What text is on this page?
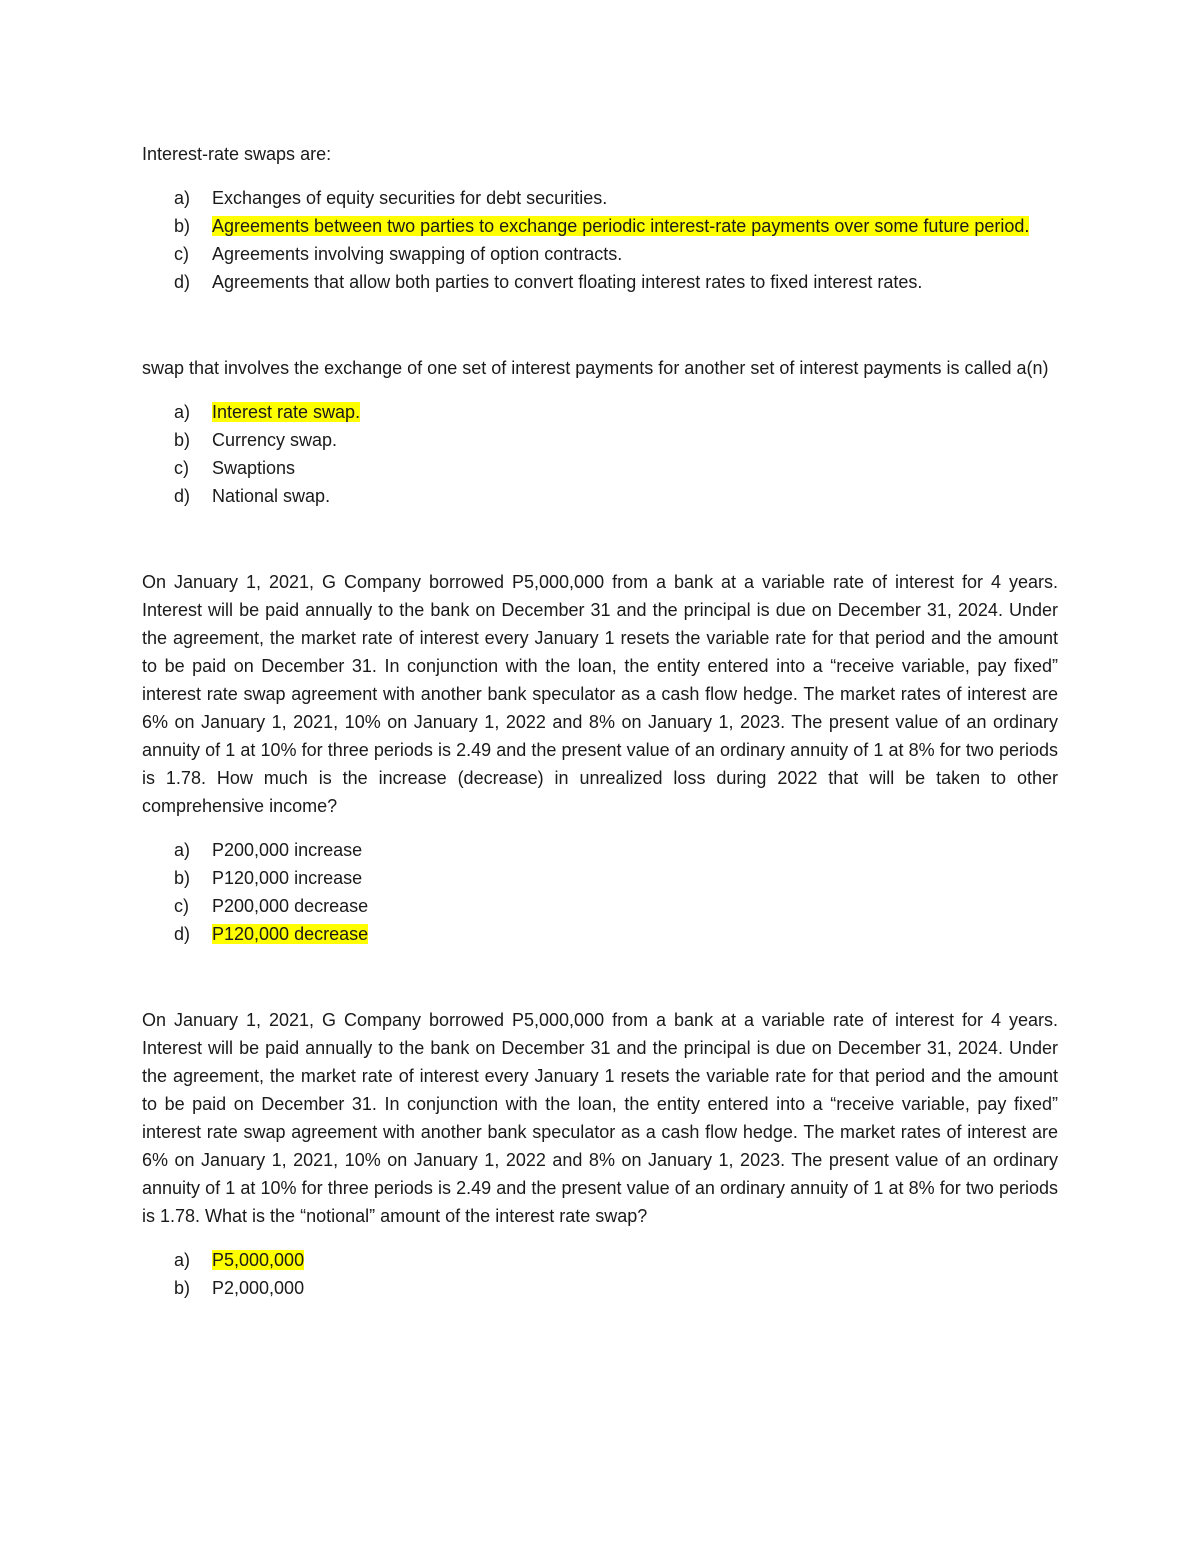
Interest-rate swaps are:

a) Exchanges of equity securities for debt securities.
b) Agreements between two parties to exchange periodic interest-rate payments over some future period.
c) Agreements involving swapping of option contracts.
d) Agreements that allow both parties to convert floating interest rates to fixed interest rates.

swap that involves the exchange of one set of interest payments for another set of interest payments is called a(n)

a) Interest rate swap.
b) Currency swap.
c) Swaptions
d) National swap.

On January 1, 2021, G Company borrowed P5,000,000 from a bank at a variable rate of interest for 4 years. Interest will be paid annually to the bank on December 31 and the principal is due on December 31, 2024. Under the agreement, the market rate of interest every January 1 resets the variable rate for that period and the amount to be paid on December 31. In conjunction with the loan, the entity entered into a “receive variable, pay fixed” interest rate swap agreement with another bank speculator as a cash flow hedge. The market rates of interest are 6% on January 1, 2021, 10% on January 1, 2022 and 8% on January 1, 2023. The present value of an ordinary annuity of 1 at 10% for three periods is 2.49 and the present value of an ordinary annuity of 1 at 8% for two periods is 1.78. How much is the increase (decrease) in unrealized loss during 2022 that will be taken to other comprehensive income?

a) P200,000 increase
b) P120,000 increase
c) P200,000 decrease
d) P120,000 decrease

On January 1, 2021, G Company borrowed P5,000,000 from a bank at a variable rate of interest for 4 years. Interest will be paid annually to the bank on December 31 and the principal is due on December 31, 2024. Under the agreement, the market rate of interest every January 1 resets the variable rate for that period and the amount to be paid on December 31. In conjunction with the loan, the entity entered into a “receive variable, pay fixed” interest rate swap agreement with another bank speculator as a cash flow hedge. The market rates of interest are 6% on January 1, 2021, 10% on January 1, 2022 and 8% on January 1, 2023. The present value of an ordinary annuity of 1 at 10% for three periods is 2.49 and the present value of an ordinary annuity of 1 at 8% for two periods is 1.78. What is the “notional” amount of the interest rate swap?

a) P5,000,000
b) P2,000,000
